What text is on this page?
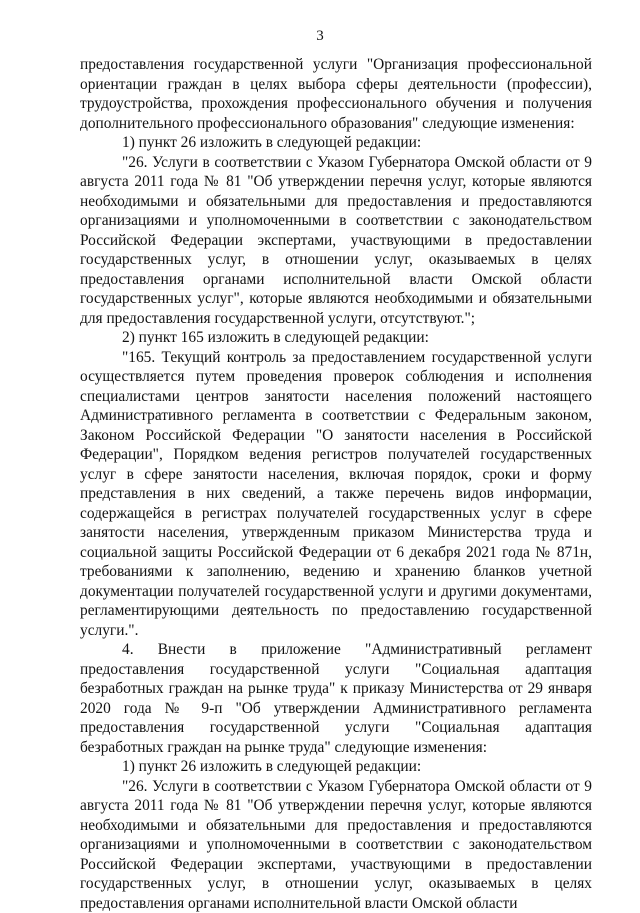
3

предоставления государственной услуги "Организация профессиональной ориентации граждан в целях выбора сферы деятельности (профессии), трудоустройства, прохождения профессионального обучения и получения дополнительного профессионального образования" следующие изменения:

1) пункт 26 изложить в следующей редакции:

"26. Услуги в соответствии с Указом Губернатора Омской области от 9 августа 2011 года № 81 "Об утверждении перечня услуг, которые являются необходимыми и обязательными для предоставления и предоставляются организациями и уполномоченными в соответствии с законодательством Российской Федерации экспертами, участвующими в предоставлении государственных услуг, в отношении услуг, оказываемых в целях предоставления органами исполнительной власти Омской области государственных услуг", которые являются необходимыми и обязательными для предоставления государственной услуги, отсутствуют.";

2) пункт 165 изложить в следующей редакции:

"165. Текущий контроль за предоставлением государственной услуги осуществляется путем проведения проверок соблюдения и исполнения специалистами центров занятости населения положений настоящего Административного регламента в соответствии с Федеральным законом, Законом Российской Федерации "О занятости населения в Российской Федерации", Порядком ведения регистров получателей государственных услуг в сфере занятости населения, включая порядок, сроки и форму представления в них сведений, а также перечень видов информации, содержащейся в регистрах получателей государственных услуг в сфере занятости населения, утвержденным приказом Министерства труда и социальной защиты Российской Федерации от 6 декабря 2021 года № 871н, требованиями к заполнению, ведению и хранению бланков учетной документации получателей государственной услуги и другими документами, регламентирующими деятельность по предоставлению государственной услуги.".

4. Внести в приложение "Административный регламент предоставления государственной услуги "Социальная адаптация безработных граждан на рынке труда" к приказу Министерства от 29 января 2020 года № 9-п "Об утверждении Административного регламента предоставления государственной услуги "Социальная адаптация безработных граждан на рынке труда" следующие изменения:

1) пункт 26 изложить в следующей редакции:

"26. Услуги в соответствии с Указом Губернатора Омской области от 9 августа 2011 года № 81 "Об утверждении перечня услуг, которые являются необходимыми и обязательными для предоставления и предоставляются организациями и уполномоченными в соответствии с законодательством Российской Федерации экспертами, участвующими в предоставлении государственных услуг, в отношении услуг, оказываемых в целях предоставления органами исполнительной власти Омской области
